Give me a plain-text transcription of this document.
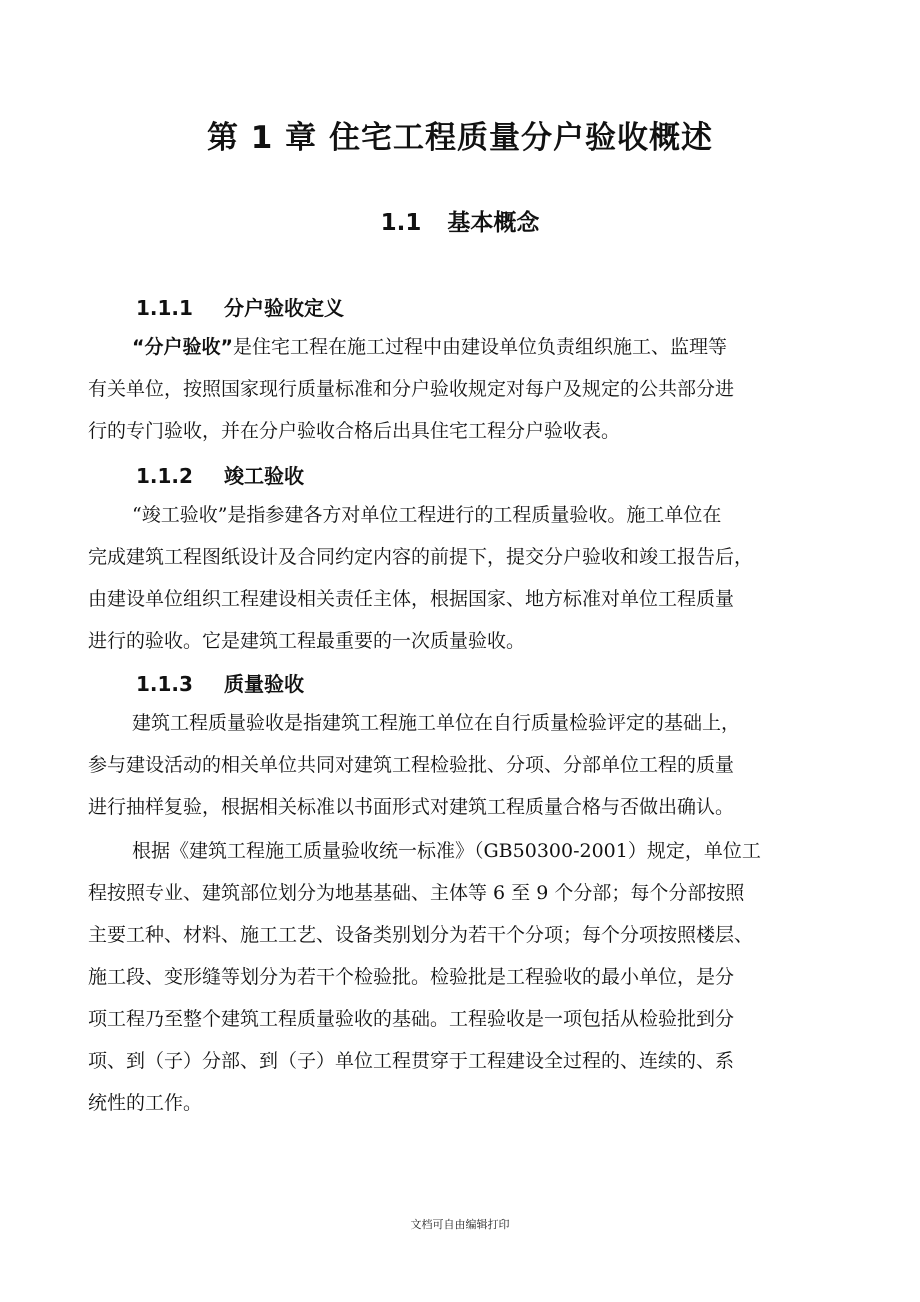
第 1 章 住宅工程质量分户验收概述
1.1 基本概念
1.1.1 分户验收定义

“分户验收”是住宅工程在施工过程中由建设单位负责组织施工、监理等
有关单位，按照国家现行质量标准和分户验收规定对每户及规定的公共部分进
行的专门验收，并在分户验收合格后出具住宅工程分户验收表。

1.1.2 竣工验收

“竣工验收”是指参建各方对单位工程进行的工程质量验收。施工单位在
完成建筑工程图纸设计及合同约定内容的前提下，提交分户验收和竣工报告后，
由建设单位组织工程建设相关责任主体，根据国家、地方标准对单位工程质量
进行的验收。它是建筑工程最重要的一次质量验收。

1.1.3 质量验收

建筑工程质量验收是指建筑工程施工单位在自行质量检验评定的基础上，
参与建设活动的相关单位共同对建筑工程检验批、分项、分部单位工程的质量
进行抽样复验，根据相关标准以书面形式对建筑工程质量合格与否做出确认。

根据《建筑工程施工质量验收统一标准》（GB50300-2001）规定，单位工
程按照专业、建筑部位划分为地基基础、主体等 6 至 9 个分部；每个分部按照
主要工种、材料、施工工艺、设备类别划分为若干个分项；每个分项按照楼层、
施工段、变形缝等划分为若干个检验批。检验批是工程验收的最小单位，是分
项工程乃至整个建筑工程质量验收的基础。工程验收是一项包括从检验批到分
项、到（子）分部、到（子）单位工程贯穿于工程建设全过程的、连续的、系
统性的工作。

文档可自由编辑打印
